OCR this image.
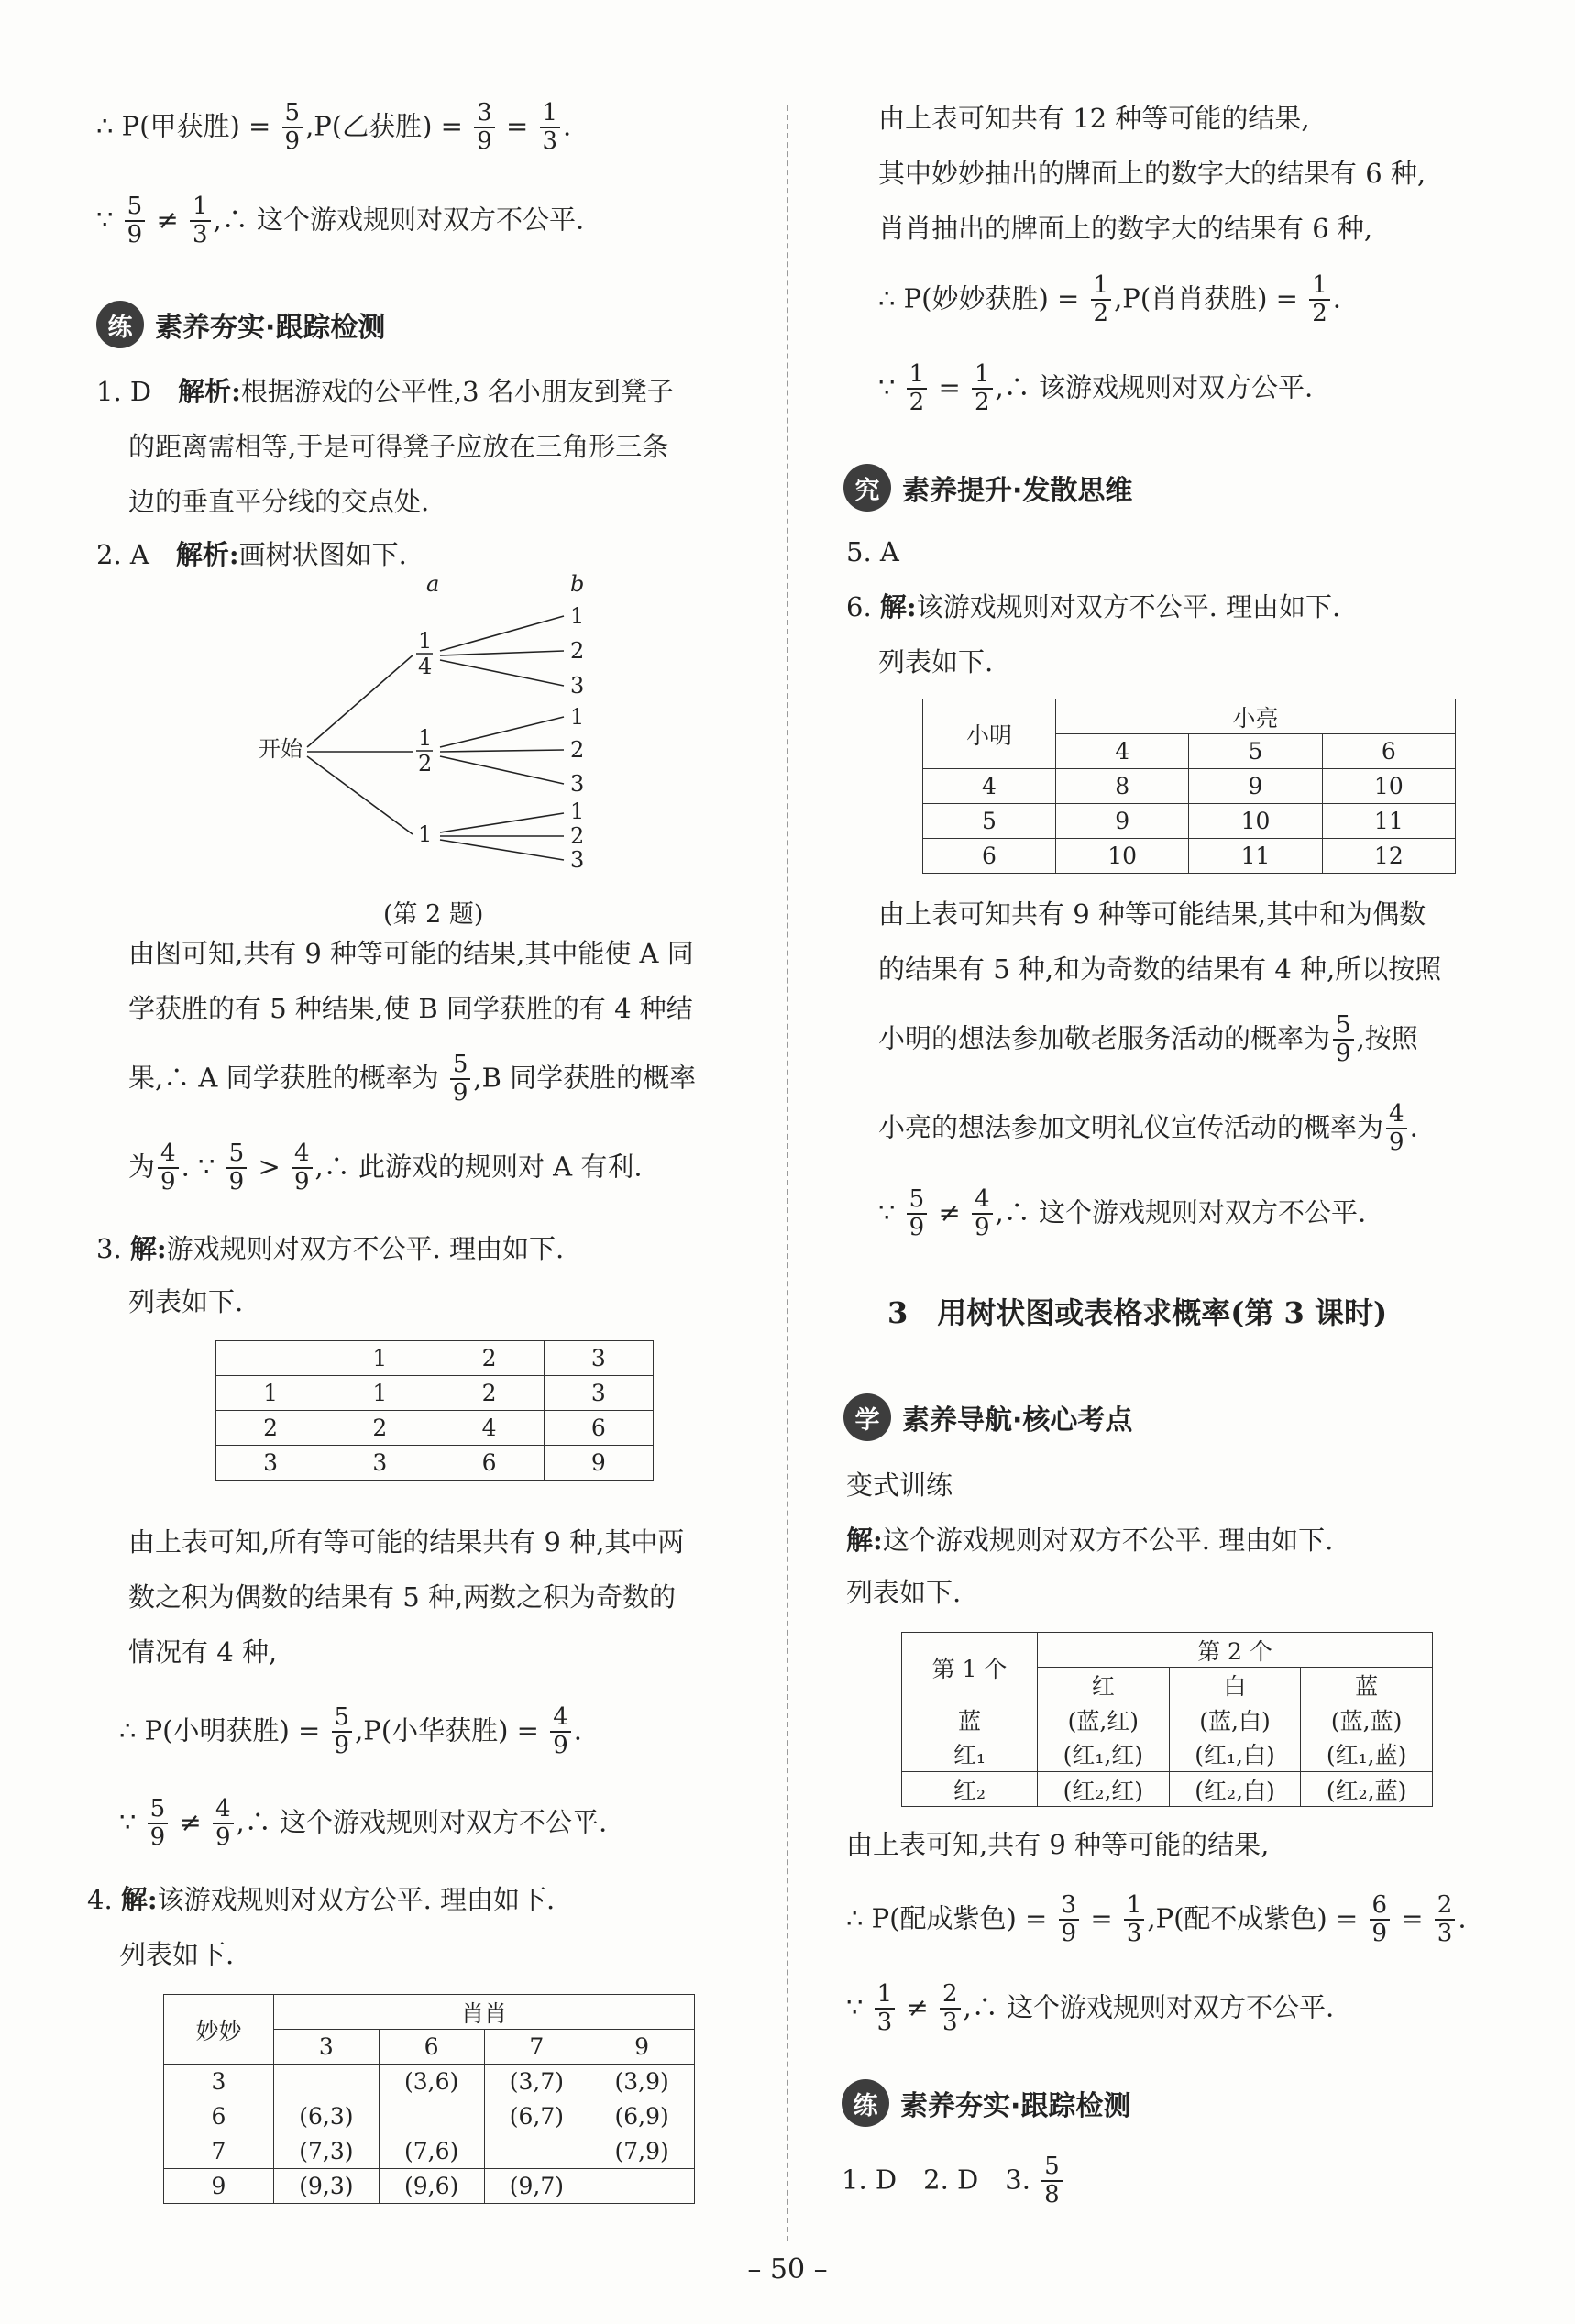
∴ P(甲获胜) = $\frac{5}{9} ,P$(乙获胜) = $\frac{3}{9} = \frac{1}{3}$ .
∵ $\frac{5}{9} \ne \frac{1}{3}$ ,∴ 这个游戏规则对双方不公平.
练 素养夯实·跟踪检测
1. D　 解析:根据游戏的公平性,3 名小朋友到凳子
的距离需相等,于是可得凳子应放在三角形三条
边的垂直平分线的交点处.
2. A　 解析:画树状图如下.
a	b
开始
1
4
1
2
1
1
2
3
1
2
3
1
2
3
(第 2 题)
由图可知,共有 9 种等可能的结果,其中能使 A 同
学获胜的有 5 种结果,使 B 同学获胜的有 4 种结
果,∴ A 同学获胜的概率为 $\frac{5}{9} ,B$ 同学获胜的概率
为 $\frac{4}{9}$ . ∵ $\frac{5}{9} > \frac{4}{9}$ ,∴ 此游戏的规则对 A 有利.
3. 解:游戏规则对双方不公平. 理由如下.
列表如下.
	1	2	3
1	1	2	3
2	2	4	6
3	3	6	9
由上表可知,所有等可能的结果共有 9 种,其中两
数之积为偶数的结果有 5 种,两数之积为奇数的
情况有 4 种,
∴ P(小明获胜) = $\frac{5}{9} ,P$(小华获胜) = $\frac{4}{9}$ .
∵ $\frac{5}{9} \ne \frac{4}{9}$ ,∴ 这个游戏规则对双方不公平.
4. 解:该游戏规则对双方公平. 理由如下.
列表如下.
妙妙	肖肖			
	3	6	7	9
3		(3,6)	(3,7)	(3,9)
6	(6,3)		(6,7)	(6,9)
7	(7,3)	(7,6)		(7,9)
9	(9,3)	(9,6)	(9,7)	
由上表可知共有 12 种等可能的结果,
其中妙妙抽出的牌面上的数字大的结果有 6 种,
肖肖抽出的牌面上的数字大的结果有 6 种,
∴ P(妙妙获胜) = $\frac{1}{2} ,P$(肖肖获胜) = $\frac{1}{2}$ .
∵ $\frac{1}{2} = \frac{1}{2}$ ,∴ 该游戏规则对双方公平.
究 素养提升·发散思维
5. A
6. 解:该游戏规则对双方不公平. 理由如下.
列表如下.
小明	小亮		
	4	5	6
4	8	9	10
5	9	10	11
6	10	11	12
由上表可知共有 9 种等可能结果,其中和为偶数
的结果有 5 种,和为奇数的结果有 4 种,所以按照
小明的想法参加敬老服务活动的概率为 $\frac{5}{9}$ ,按照
小亮的想法参加文明礼仪宣传活动的概率为 $\frac{4}{9}$ .
∵ $\frac{5}{9} \ne \frac{4}{9}$ ,∴ 这个游戏规则对双方不公平.
3　用树状图或表格求概率(第 3 课时)
学 素养导航·核心考点
变式训练
解:这个游戏规则对双方不公平. 理由如下.
列表如下.
第 1 个	第 2 个		
	红	白	蓝
蓝	(蓝,红)	(蓝,白)	(蓝,蓝)
红₁	(红₁,红)	(红₁,白)	(红₁,蓝)
红₂	(红₂,红)	(红₂,白)	(红₂,蓝)
由上表可知,共有 9 种等可能的结果,
∴ P(配成紫色) = $\frac{3}{9} = \frac{1}{3} ,P$(配不成紫色) = $\frac{6}{9} = \frac{2}{3}$ .
∵ $\frac{1}{3} \ne \frac{2}{3}$ ,∴ 这个游戏规则对双方不公平.
练 素养夯实·跟踪检测
1. D　2. D　3. $\frac{5}{8}$
– 50 –
